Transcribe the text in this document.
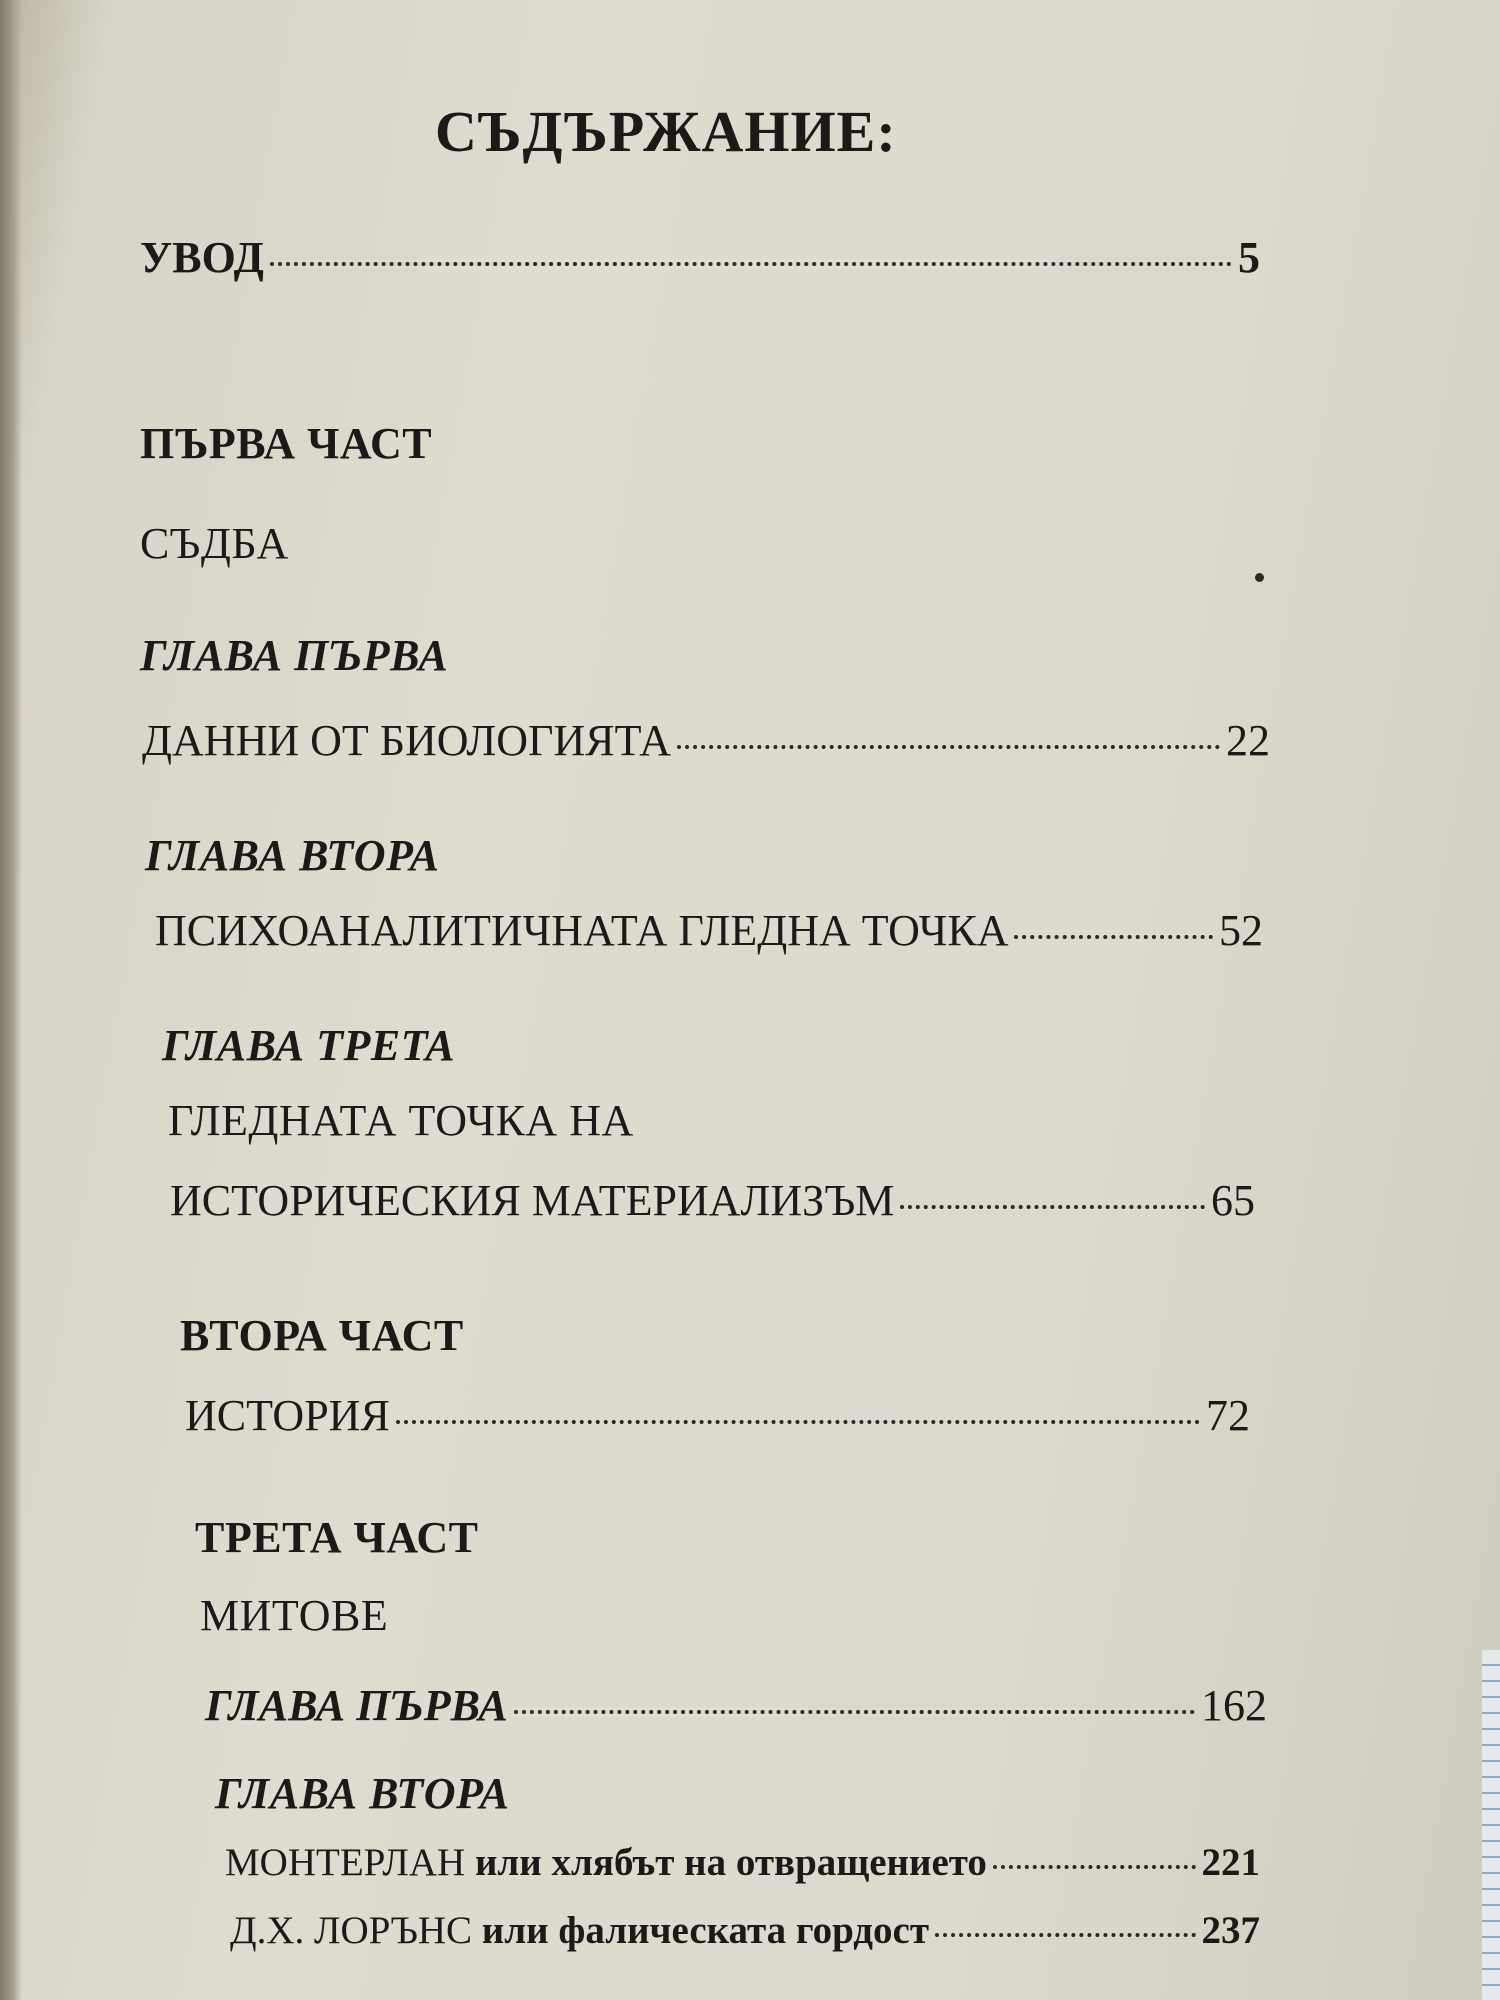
СЪДЪРЖАНИЕ:
УВОД	5
ПЪРВА ЧАСТ
СЪДБА
ГЛАВА ПЪРВА
ДАННИ ОТ БИОЛОГИЯТА	22
ГЛАВА ВТОРА
ПСИХОАНАЛИТИЧНАТА ГЛЕДНА ТОЧКА	52
ГЛАВА ТРЕТА
ГЛЕДНАТА ТОЧКА НА
ИСТОРИЧЕСКИЯ МАТЕРИАЛИЗЪМ	65
ВТОРА ЧАСТ
ИСТОРИЯ	72
ТРЕТА ЧАСТ
МИТОВЕ
ГЛАВА ПЪРВА	162
ГЛАВА ВТОРА
МОНТЕРЛАН или хлябът на отвращението	221
Д.Х. ЛОРЪНС или фалическата гордост	237
